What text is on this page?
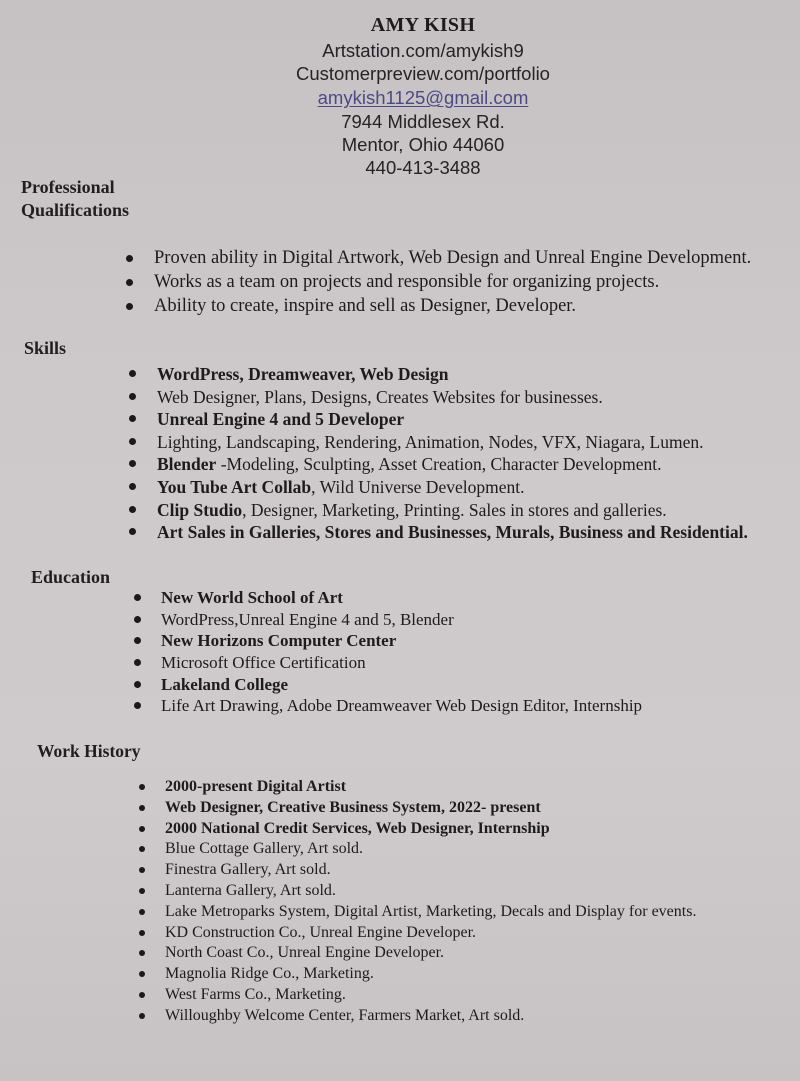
AMY KISH
Artstation.com/amykish9
Customerpreview.com/portfolio
amykish1125@gmail.com
7944 Middlesex Rd.
Mentor, Ohio 44060
440-413-3488
Professional
Qualifications
Proven ability in Digital Artwork, Web Design and Unreal Engine Development.
Works as a team on projects and responsible for organizing projects.
Ability to create, inspire and sell as Designer, Developer.
Skills
WordPress, Dreamweaver, Web Design
Web Designer, Plans, Designs, Creates Websites for businesses.
Unreal Engine 4 and 5 Developer
Lighting, Landscaping, Rendering, Animation, Nodes, VFX, Niagara, Lumen.
Blender -Modeling, Sculpting, Asset Creation, Character Development.
You Tube Art Collab, Wild Universe Development.
Clip Studio, Designer, Marketing, Printing. Sales in stores and galleries.
Art Sales in Galleries, Stores and Businesses, Murals, Business and Residential.
Education
New World School of Art
WordPress,Unreal Engine 4 and 5, Blender
New Horizons Computer Center
Microsoft Office Certification
Lakeland College
Life Art Drawing, Adobe Dreamweaver Web Design Editor, Internship
Work History
2000-present Digital Artist
Web Designer, Creative Business System, 2022- present
2000 National Credit Services, Web Designer, Internship
Blue Cottage Gallery, Art sold.
Finestra Gallery, Art sold.
Lanterna Gallery, Art sold.
Lake Metroparks System, Digital Artist, Marketing, Decals and Display for events.
KD Construction Co., Unreal Engine Developer.
North Coast Co., Unreal Engine Developer.
Magnolia Ridge Co., Marketing.
West Farms Co., Marketing.
Willoughby Welcome Center, Farmers Market, Art sold.
